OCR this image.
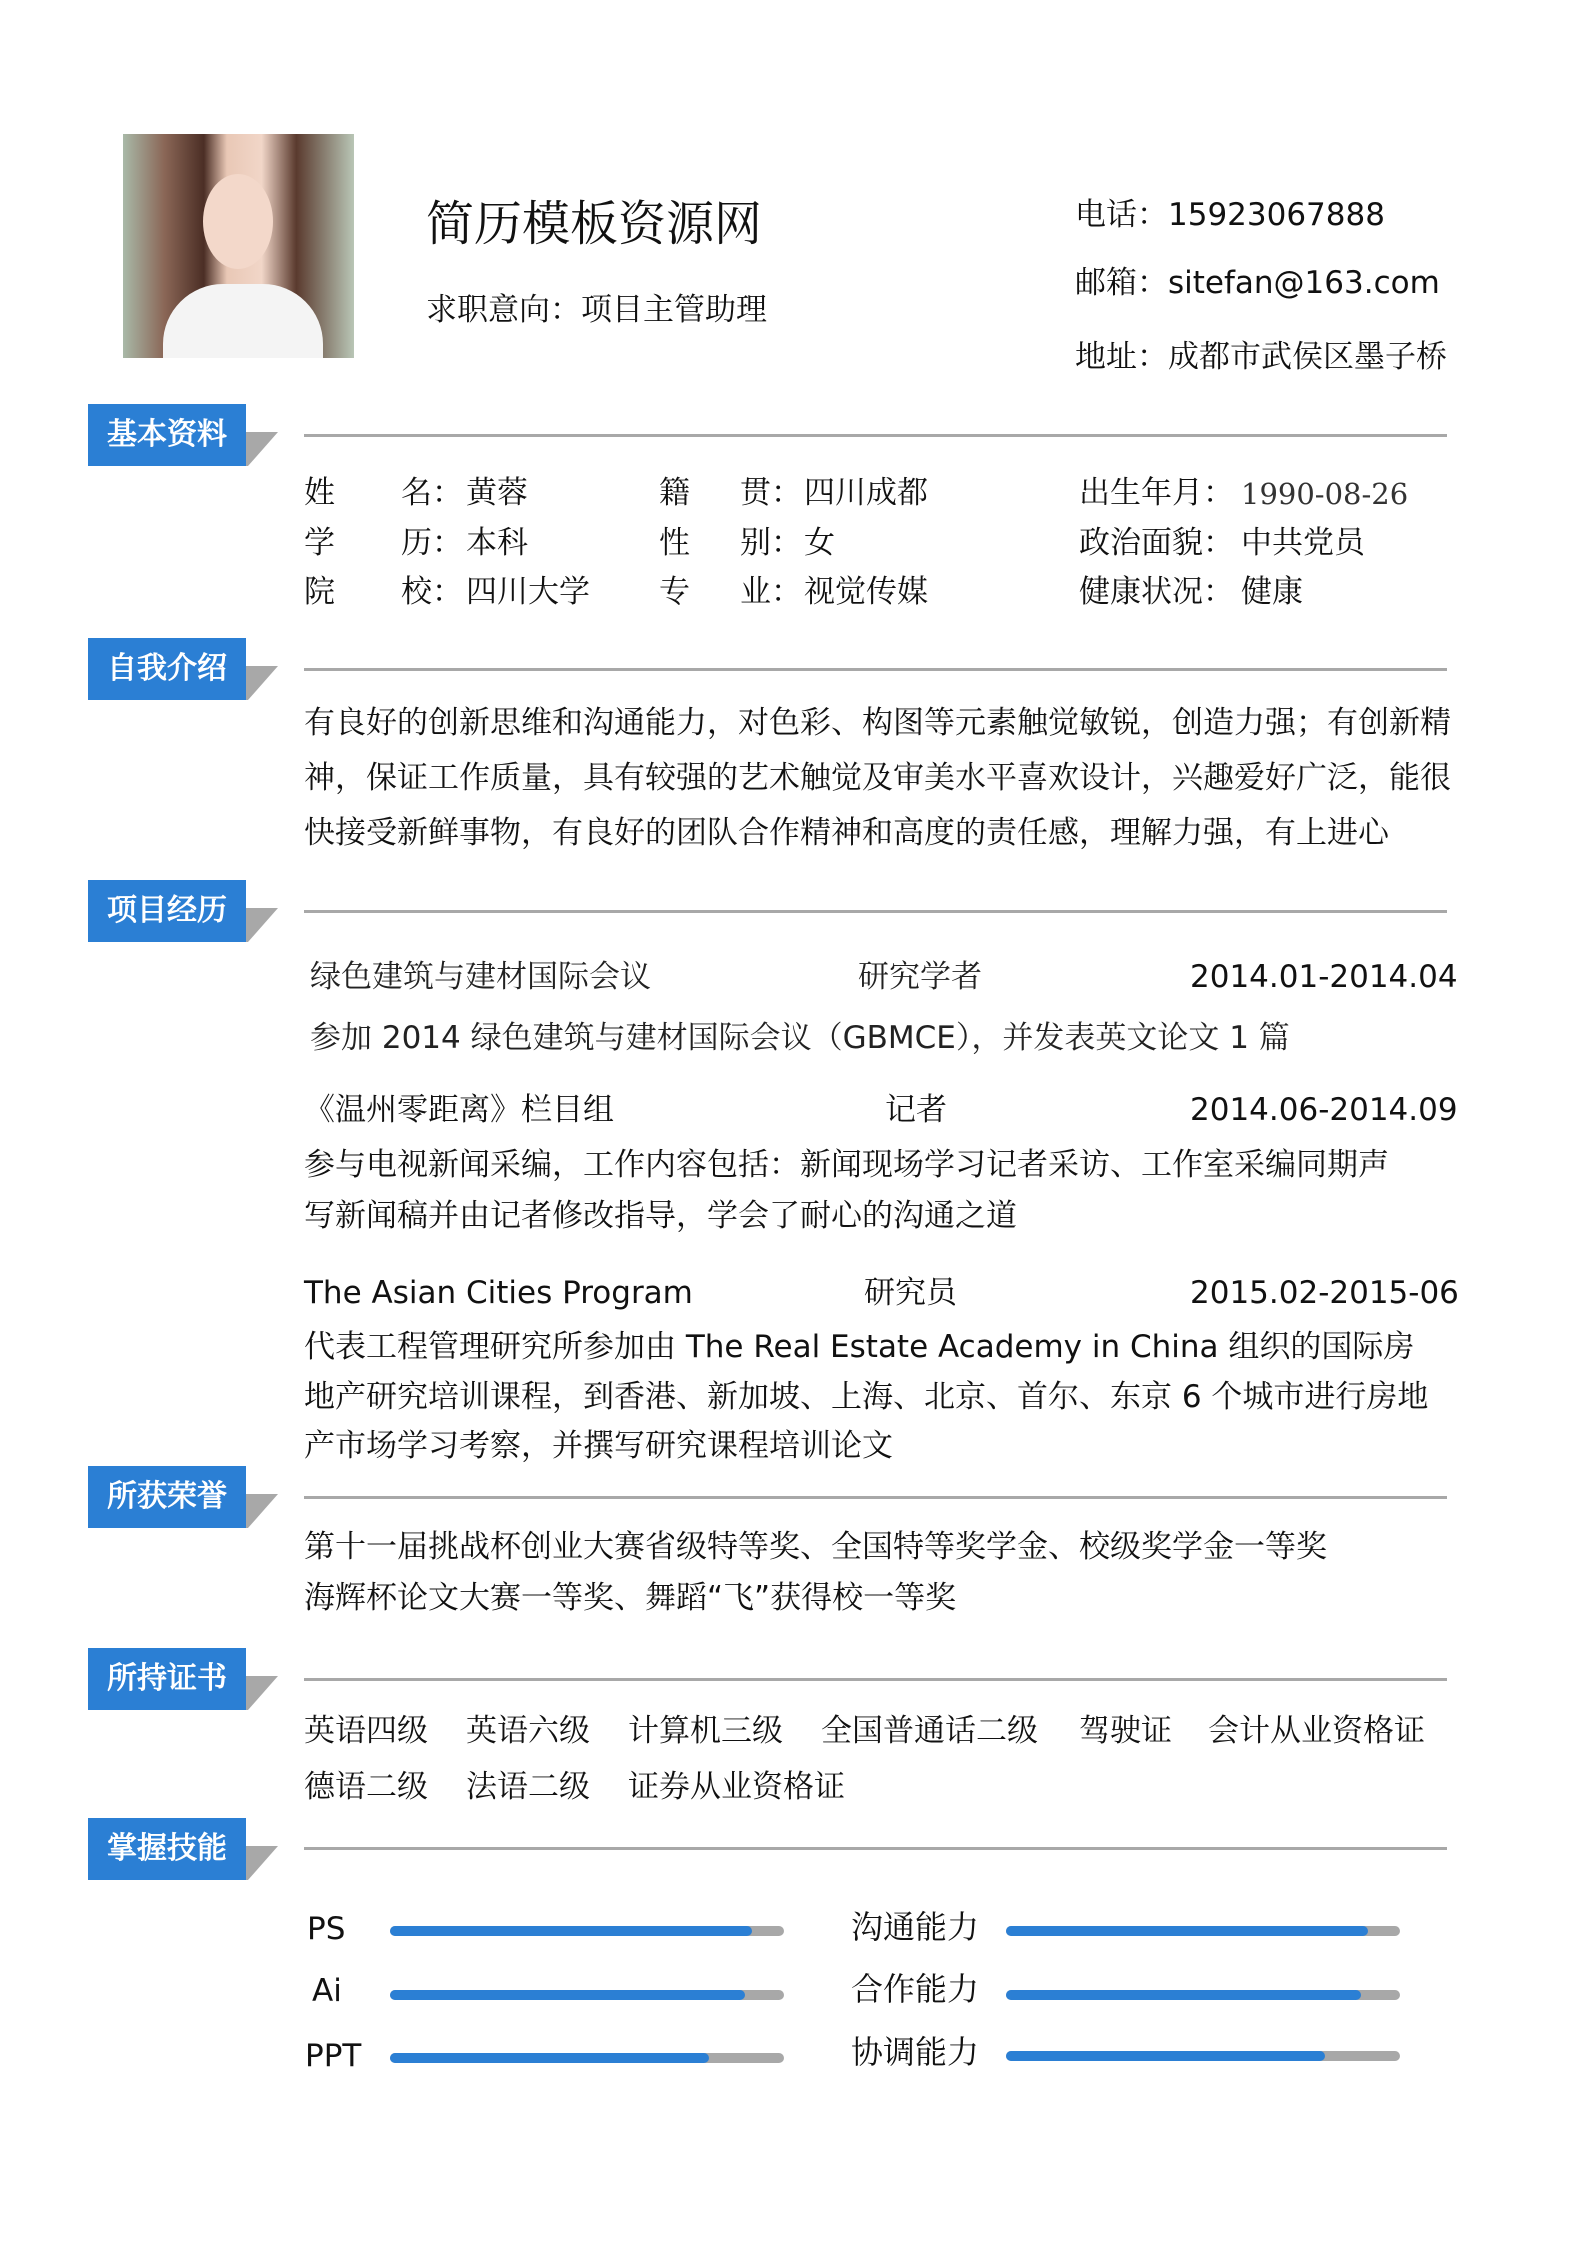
简历模板资源网
求职意向：项目主管助理
电话：15923067888
邮箱：sitefan@163.com
地址：成都市武侯区墨子桥
基本资料
自我介绍
项目经历
所获荣誉
所持证书
掌握技能
姓 名： 黄蓉	籍 贯： 四川成都	出生年月： 1990-08-26
学 历： 本科	性 别： 女	政治面貌： 中共党员
院 校： 四川大学 专 业： 视觉传媒	健康状况： 健康
有良好的创新思维和沟通能力，对色彩、构图等元素触觉敏锐，创造力强；有创新精
神，保证工作质量，具有较强的艺术触觉及审美水平喜欢设计，兴趣爱好广泛，能很
快接受新鲜事物，有良好的团队合作精神和高度的责任感，理解力强，有上进心
绿色建筑与建材国际会议	研究学者	2014.01-2014.04
参加 2014 绿色建筑与建材国际会议（GBMCE），并发表英文论文 1 篇
《温州零距离》栏目组	记者	2014.06-2014.09
参与电视新闻采编，工作内容包括：新闻现场学习记者采访、工作室采编同期声
写新闻稿并由记者修改指导，学会了耐心的沟通之道
The Asian Cities Program	研究员	2015.02-2015-06
代表工程管理研究所参加由 The Real Estate Academy in China 组织的国际房
地产研究培训课程，到香港、新加坡、上海、北京、首尔、东京 6 个城市进行房地
产市场学习考察，并撰写研究课程培训论文
第十一届挑战杯创业大赛省级特等奖、全国特等奖学金、校级奖学金一等奖
海辉杯论文大赛一等奖、舞蹈“飞”获得校一等奖
英语四级 英语六级 计算机三级 全国普通话二级 驾驶证 会计从业资格证
德语二级 法语二级 证券从业资格证
PS
Ai
PPT
沟通能力
合作能力
协调能力
